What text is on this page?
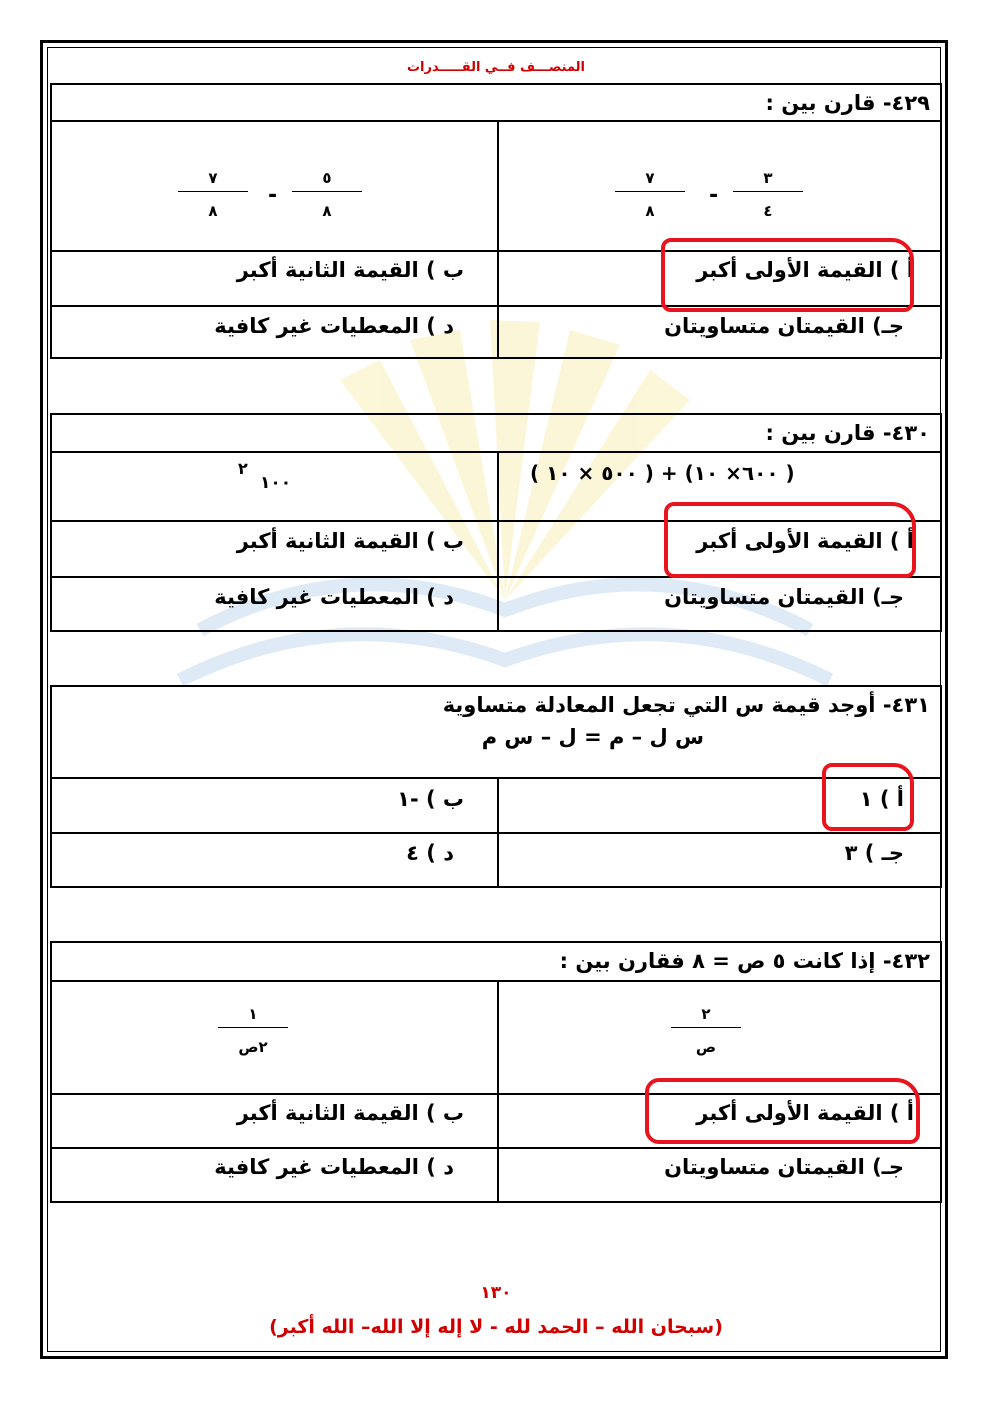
المنصـــف فــي القـــــدرات
٤٢٩- قارن بين :
٣
٤
-
٧
٨
٥
٨
-
٧
٨
أ ) القيمة الأولى أكبر
ب ) القيمة الثانية أكبر
جـ) القيمتان متساويتان
د ) المعطيات غير كافية
٤٣٠- قارن بين :
( ٥٠٠ × ١٠ ) + (٦٠٠× ١٠ )
١٠٠
٢
أ ) القيمة الأولى أكبر
ب ) القيمة الثانية أكبر
جـ) القيمتان متساويتان
د ) المعطيات غير كافية
٤٣١- أوجد قيمة س التي تجعل المعادلة متساوية
س ل – م = ل – س م
أ ) ١
ب ) -١
جـ ) ٣
د ) ٤
٤٣٢- إذا كانت ٥ ص = ٨ فقارن بين :
٢
ص
١
٢ص
أ ) القيمة الأولى أكبر
ب ) القيمة الثانية أكبر
جـ) القيمتان متساويتان
د ) المعطيات غير كافية
١٣٠
(سبحان الله – الحمد لله - لا إله إلا الله– الله أكبر)
